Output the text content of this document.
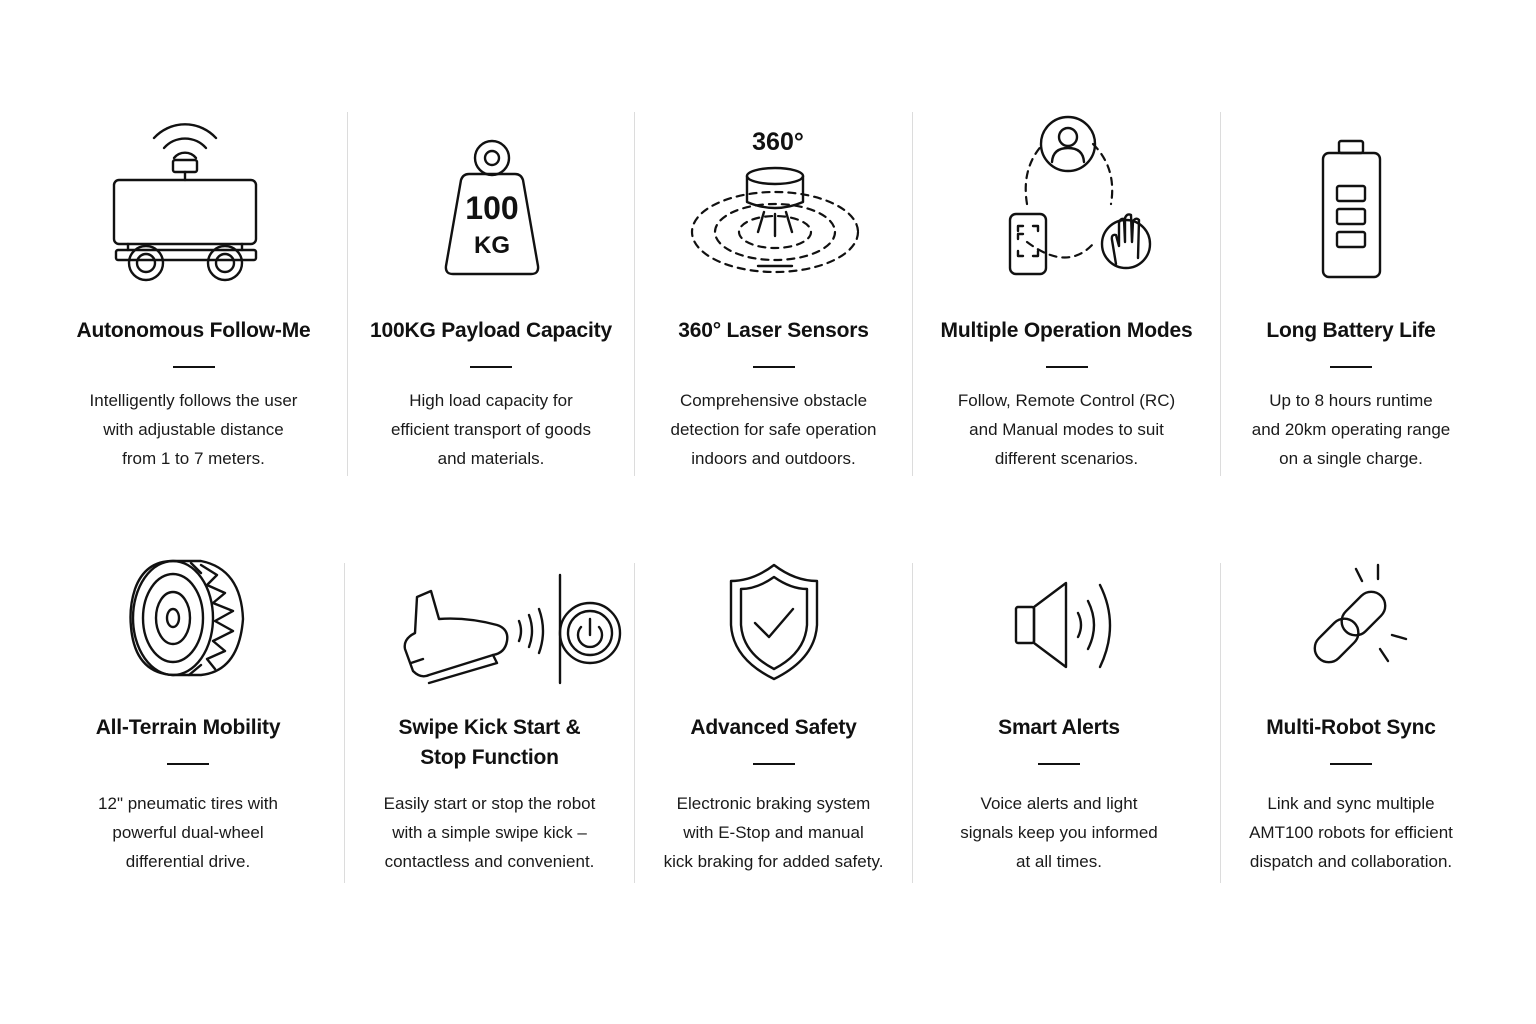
Autonomous Follow-Me
Intelligently follows the user
with adjustable distance
from 1 to 7 meters.
100
KG
100KG Payload Capacity
High load capacity for
efficient transport of goods
and materials.
360°
360° Laser Sensors
Comprehensive obstacle
detection for safe operation
indoors and outdoors.
Multiple Operation Modes
Follow, Remote Control (RC)
and Manual modes to suit
different scenarios.
Long Battery Life
Up to 8 hours runtime
and 20km operating range
on a single charge.
All-Terrain Mobility
12" pneumatic tires with
powerful dual-wheel
differential drive.
Swipe Kick Start &
Stop Function
Easily start or stop the robot
with a simple swipe kick –
contactless and convenient.
Advanced Safety
Electronic braking system
with E-Stop and manual
kick braking for added safety.
Smart Alerts
Voice alerts and light
signals keep you informed
at all times.
Multi-Robot Sync
Link and sync multiple
AMT100 robots for efficient
dispatch and collaboration.
